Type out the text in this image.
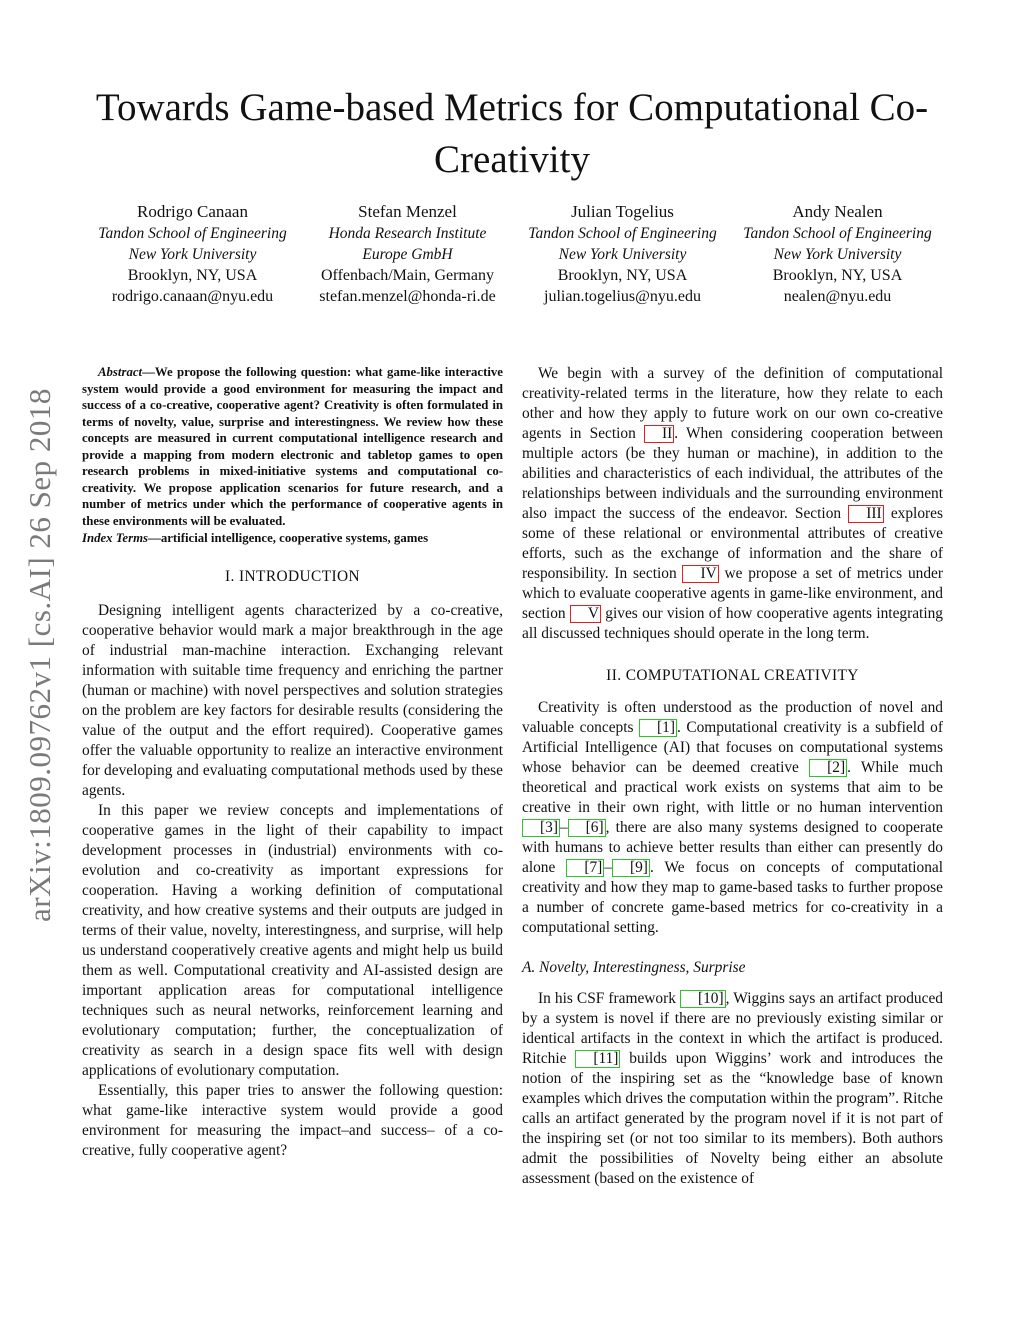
arXiv:1809.09762v1 [cs.AI] 26 Sep 2018
Towards Game-based Metrics for Computational Co-Creativity
Rodrigo Canaan
Tandon School of Engineering
New York University
Brooklyn, NY, USA
rodrigo.canaan@nyu.edu
Stefan Menzel
Honda Research Institute
Europe GmbH
Offenbach/Main, Germany
stefan.menzel@honda-ri.de
Julian Togelius
Tandon School of Engineering
New York University
Brooklyn, NY, USA
julian.togelius@nyu.edu
Andy Nealen
Tandon School of Engineering
New York University
Brooklyn, NY, USA
nealen@nyu.edu

Abstract—We propose the following question: what game-like interactive system would provide a good environment for measuring the impact and success of a co-creative, cooperative agent? Creativity is often formulated in terms of novelty, value, surprise and interestingness. We review how these concepts are measured in current computational intelligence research and provide a mapping from modern electronic and tabletop games to open research problems in mixed-initiative systems and computational co-creativity. We propose application scenarios for future research, and a number of metrics under which the performance of cooperative agents in these environments will be evaluated.

Index Terms—artificial intelligence, cooperative systems, games

I. INTRODUCTION

Designing intelligent agents characterized by a co-creative, cooperative behavior would mark a major breakthrough in the age of industrial man-machine interaction. Exchanging relevant information with suitable time frequency and enriching the partner (human or machine) with novel perspectives and solution strategies on the problem are key factors for desirable results (considering the value of the output and the effort required). Cooperative games offer the valuable opportunity to realize an interactive environment for developing and evaluating computational methods used by these agents.

In this paper we review concepts and implementations of cooperative games in the light of their capability to impact development processes in (industrial) environments with co-evolution and co-creativity as important expressions for cooperation. Having a working definition of computational creativity, and how creative systems and their outputs are judged in terms of their value, novelty, interestingness, and surprise, will help us understand cooperatively creative agents and might help us build them as well. Computational creativity and AI-assisted design are important application areas for computational intelligence techniques such as neural networks, reinforcement learning and evolutionary computation; further, the conceptualization of creativity as search in a design space fits well with design applications of evolutionary computation.

Essentially, this paper tries to answer the following question: what game-like interactive system would provide a good environment for measuring the impact–and success– of a co-creative, fully cooperative agent?

We begin with a survey of the definition of computational creativity-related terms in the literature, how they relate to each other and how they apply to future work on our own co-creative agents in Section II . When considering cooperation between multiple actors (be they human or machine), in addition to the abilities and characteristics of each individual, the attributes of the relationships between individuals and the surrounding environment also impact the success of the endeavor. Section III explores some of these relational or environmental attributes of creative efforts, such as the exchange of information and the share of responsibility. In section IV we propose a set of metrics under which to evaluate cooperative agents in game-like environment, and section V gives our vision of how cooperative agents integrating all discussed techniques should operate in the long term.

II. COMPUTATIONAL CREATIVITY

Creativity is often understood as the production of novel and valuable concepts [1] . Computational creativity is a subfield of Artificial Intelligence (AI) that focuses on computational systems whose behavior can be deemed creative [2] . While much theoretical and practical work exists on systems that aim to be creative in their own right, with little or no human intervention [3] – [6] , there are also many systems designed to cooperate with humans to achieve better results than either can presently do alone [7] – [9] . We focus on concepts of computational creativity and how they map to game-based tasks to further propose a number of concrete game-based metrics for co-creativity in a computational setting.

A. Novelty, Interestingness, Surprise

In his CSF framework [10] , Wiggins says an artifact produced by a system is novel if there are no previously existing similar or identical artifacts in the context in which the artifact is produced. Ritchie [11] builds upon Wiggins’ work and introduces the notion of the inspiring set as the “knowledge base of known examples which drives the computation within the program”. Ritche calls an artifact generated by the program novel if it is not part of the inspiring set (or not too similar to its members). Both authors admit the possibilities of Novelty being either an absolute assessment (based on the existence of
